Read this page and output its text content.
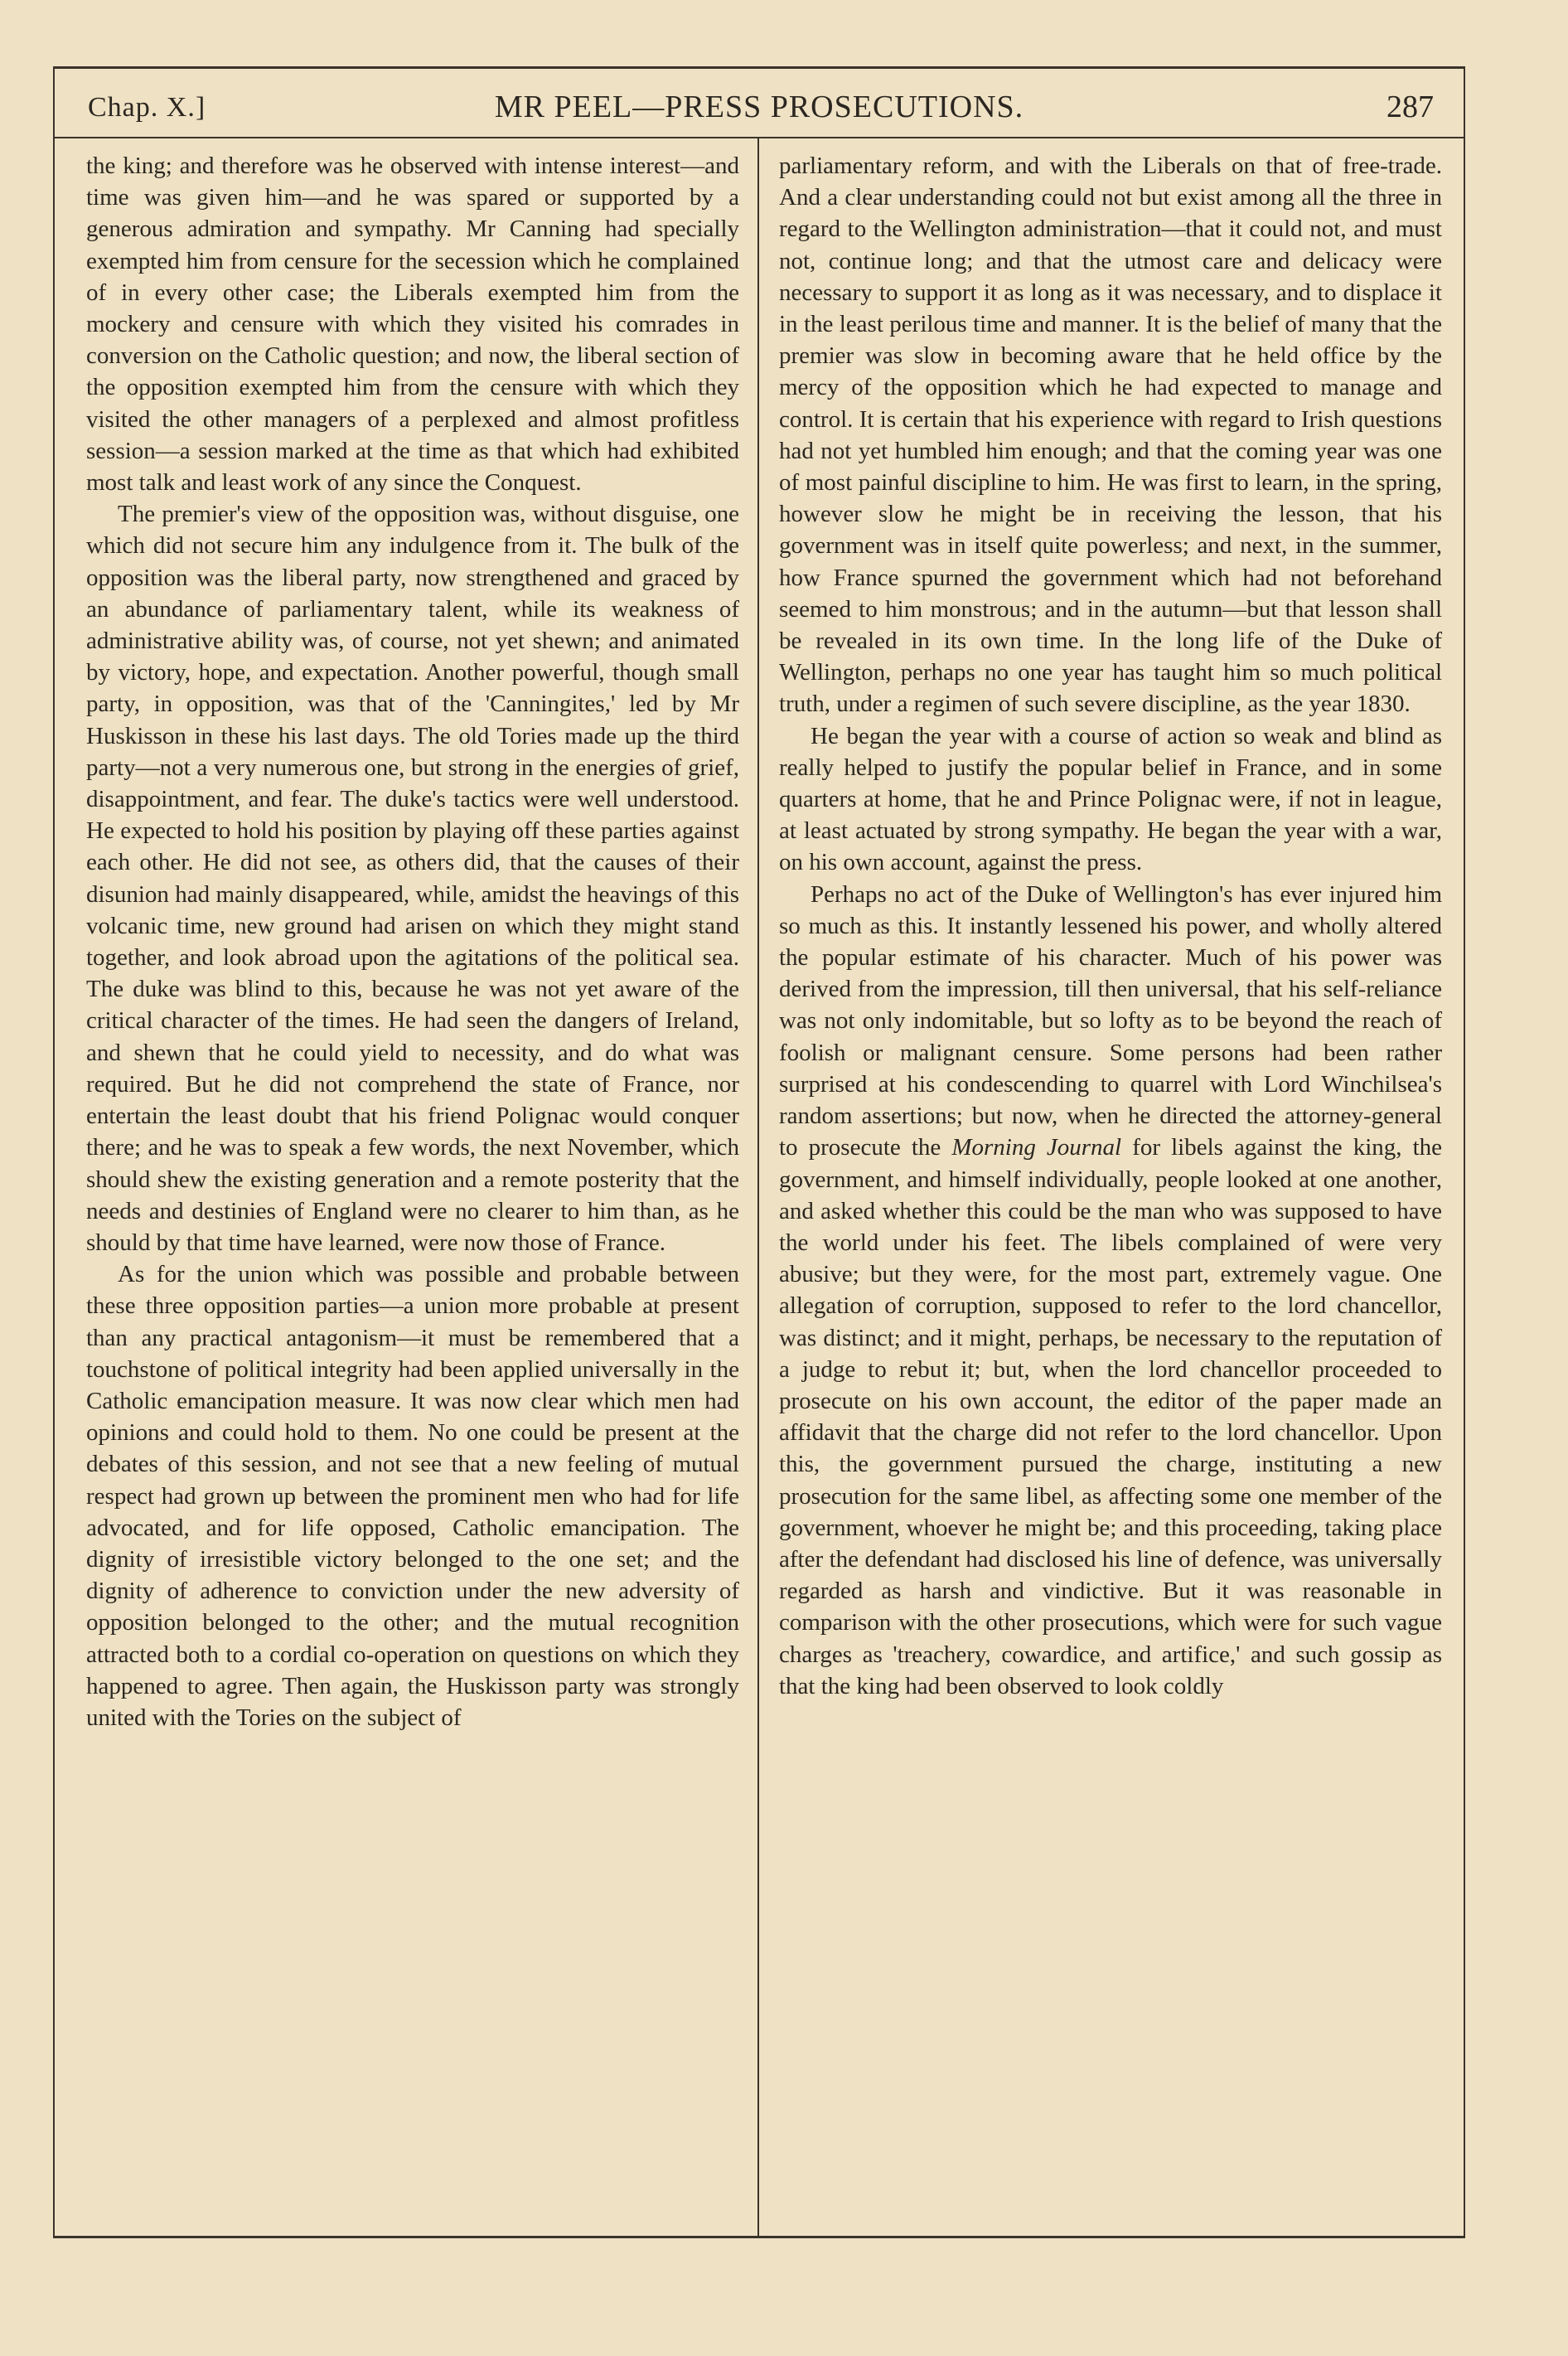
Chap. X.]	MR PEEL—PRESS PROSECUTIONS.	287

the king; and therefore was he observed with intense interest—and time was given him—and he was spared or supported by a generous admiration and sympathy. Mr Canning had specially exempted him from censure for the secession which he complained of in every other case; the Liberals exempted him from the mockery and censure with which they visited his comrades in conversion on the Catholic question; and now, the liberal section of the opposition exempted him from the censure with which they visited the other managers of a perplexed and almost profitless session—a session marked at the time as that which had exhibited most talk and least work of any since the Conquest.

The premier's view of the opposition was, without disguise, one which did not secure him any indulgence from it. The bulk of the opposition was the liberal party, now strengthened and graced by an abundance of parliamentary talent, while its weakness of administrative ability was, of course, not yet shewn; and animated by victory, hope, and expectation. Another powerful, though small party, in opposition, was that of the 'Canningites,' led by Mr Huskisson in these his last days. The old Tories made up the third party—not a very numerous one, but strong in the energies of grief, disappointment, and fear. The duke's tactics were well understood. He expected to hold his position by playing off these parties against each other. He did not see, as others did, that the causes of their disunion had mainly disappeared, while, amidst the heavings of this volcanic time, new ground had arisen on which they might stand together, and look abroad upon the agitations of the political sea. The duke was blind to this, because he was not yet aware of the critical character of the times. He had seen the dangers of Ireland, and shewn that he could yield to necessity, and do what was required. But he did not comprehend the state of France, nor entertain the least doubt that his friend Polignac would conquer there; and he was to speak a few words, the next November, which should shew the existing generation and a remote posterity that the needs and destinies of England were no clearer to him than, as he should by that time have learned, were now those of France.

As for the union which was possible and probable between these three opposition parties—a union more probable at present than any practical antagonism—it must be remembered that a touchstone of political integrity had been applied universally in the Catholic emancipation measure. It was now clear which men had opinions and could hold to them. No one could be present at the debates of this session, and not see that a new feeling of mutual respect had grown up between the prominent men who had for life advocated, and for life opposed, Catholic emancipation. The dignity of irresistible victory belonged to the one set; and the dignity of adherence to conviction under the new adversity of opposition belonged to the other; and the mutual recognition attracted both to a cordial co-operation on questions on which they happened to agree. Then again, the Huskisson party was strongly united with the Tories on the subject of

parliamentary reform, and with the Liberals on that of free-trade. And a clear understanding could not but exist among all the three in regard to the Wellington administration—that it could not, and must not, continue long; and that the utmost care and delicacy were necessary to support it as long as it was necessary, and to displace it in the least perilous time and manner. It is the belief of many that the premier was slow in becoming aware that he held office by the mercy of the opposition which he had expected to manage and control. It is certain that his experience with regard to Irish questions had not yet humbled him enough; and that the coming year was one of most painful discipline to him. He was first to learn, in the spring, however slow he might be in receiving the lesson, that his government was in itself quite powerless; and next, in the summer, how France spurned the government which had not beforehand seemed to him monstrous; and in the autumn—but that lesson shall be revealed in its own time. In the long life of the Duke of Wellington, perhaps no one year has taught him so much political truth, under a regimen of such severe discipline, as the year 1830.

He began the year with a course of action so weak and blind as really helped to justify the popular belief in France, and in some quarters at home, that he and Prince Polignac were, if not in league, at least actuated by strong sympathy. He began the year with a war, on his own account, against the press.

Perhaps no act of the Duke of Wellington's has ever injured him so much as this. It instantly lessened his power, and wholly altered the popular estimate of his character. Much of his power was derived from the impression, till then universal, that his self-reliance was not only indomitable, but so lofty as to be beyond the reach of foolish or malignant censure. Some persons had been rather surprised at his condescending to quarrel with Lord Winchilsea's random assertions; but now, when he directed the attorney-general to prosecute the Morning Journal for libels against the king, the government, and himself individually, people looked at one another, and asked whether this could be the man who was supposed to have the world under his feet. The libels complained of were very abusive; but they were, for the most part, extremely vague. One allegation of corruption, supposed to refer to the lord chancellor, was distinct; and it might, perhaps, be necessary to the reputation of a judge to rebut it; but, when the lord chancellor proceeded to prosecute on his own account, the editor of the paper made an affidavit that the charge did not refer to the lord chancellor. Upon this, the government pursued the charge, instituting a new prosecution for the same libel, as affecting some one member of the government, whoever he might be; and this proceeding, taking place after the defendant had disclosed his line of defence, was universally regarded as harsh and vindictive. But it was reasonable in comparison with the other prosecutions, which were for such vague charges as 'treachery, cowardice, and artifice,' and such gossip as that the king had been observed to look coldly
